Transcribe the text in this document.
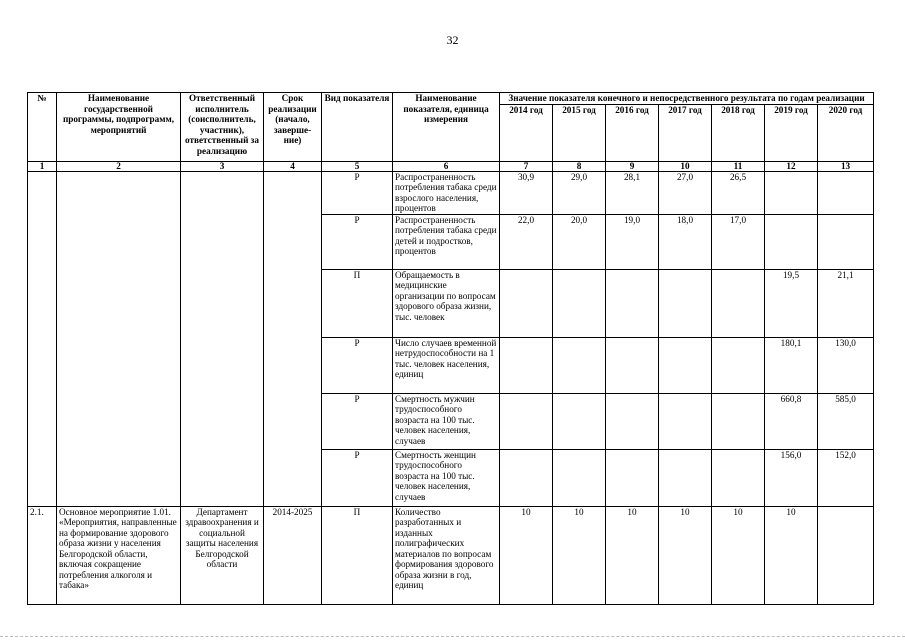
32
№	Наименование государственной программы, подпрограмм, мероприятий	Ответственный исполнитель (соисполнитель, участник), ответственный за реализацию	Срок реализации (начало, заверше-ние)	Вид показателя	Наименование показателя, единица измерения	Значение показателя конечного и непосредственного результата по годам реализации						
						2014 год	2015 год	2016 год	2017 год	2018 год	2019 год	2020 год
1	2	3	4	5	6	7	8	9	10	11	12	13
				Р	Распространенность потребления табака среди взрослого населения, процентов	30,9	29,0	28,1	27,0	26,5		
				Р	Распространенность потребления табака среди детей и подростков, процентов	22,0	20,0	19,0	18,0	17,0		
				П	Обращаемость в медицинские организации по вопросам здорового образа жизни, тыс. человек						19,5	21,1
				Р	Число случаев временной нетрудоспособности на 1 тыс. человек населения, единиц						180,1	130,0
				Р	Смертность мужчин трудоспособного возраста на 100 тыс. человек населения, случаев						660,8	585,0
				Р	Смертность женщин трудоспособного возраста на 100 тыс. человек населения, случаев						156,0	152,0
2.1.	Основное мероприятие 1.01. «Мероприятия, направленные на формирование здорового образа жизни у населения Белгородской области, включая сокращение потребления алкоголя и табака»	Департамент здравоохранения и социальной защиты населения Белгородской области	2014-2025	П	Количество разработанных и изданных полиграфических материалов по вопросам формирования здорового образа жизни в год, единиц	10	10	10	10	10	10	
